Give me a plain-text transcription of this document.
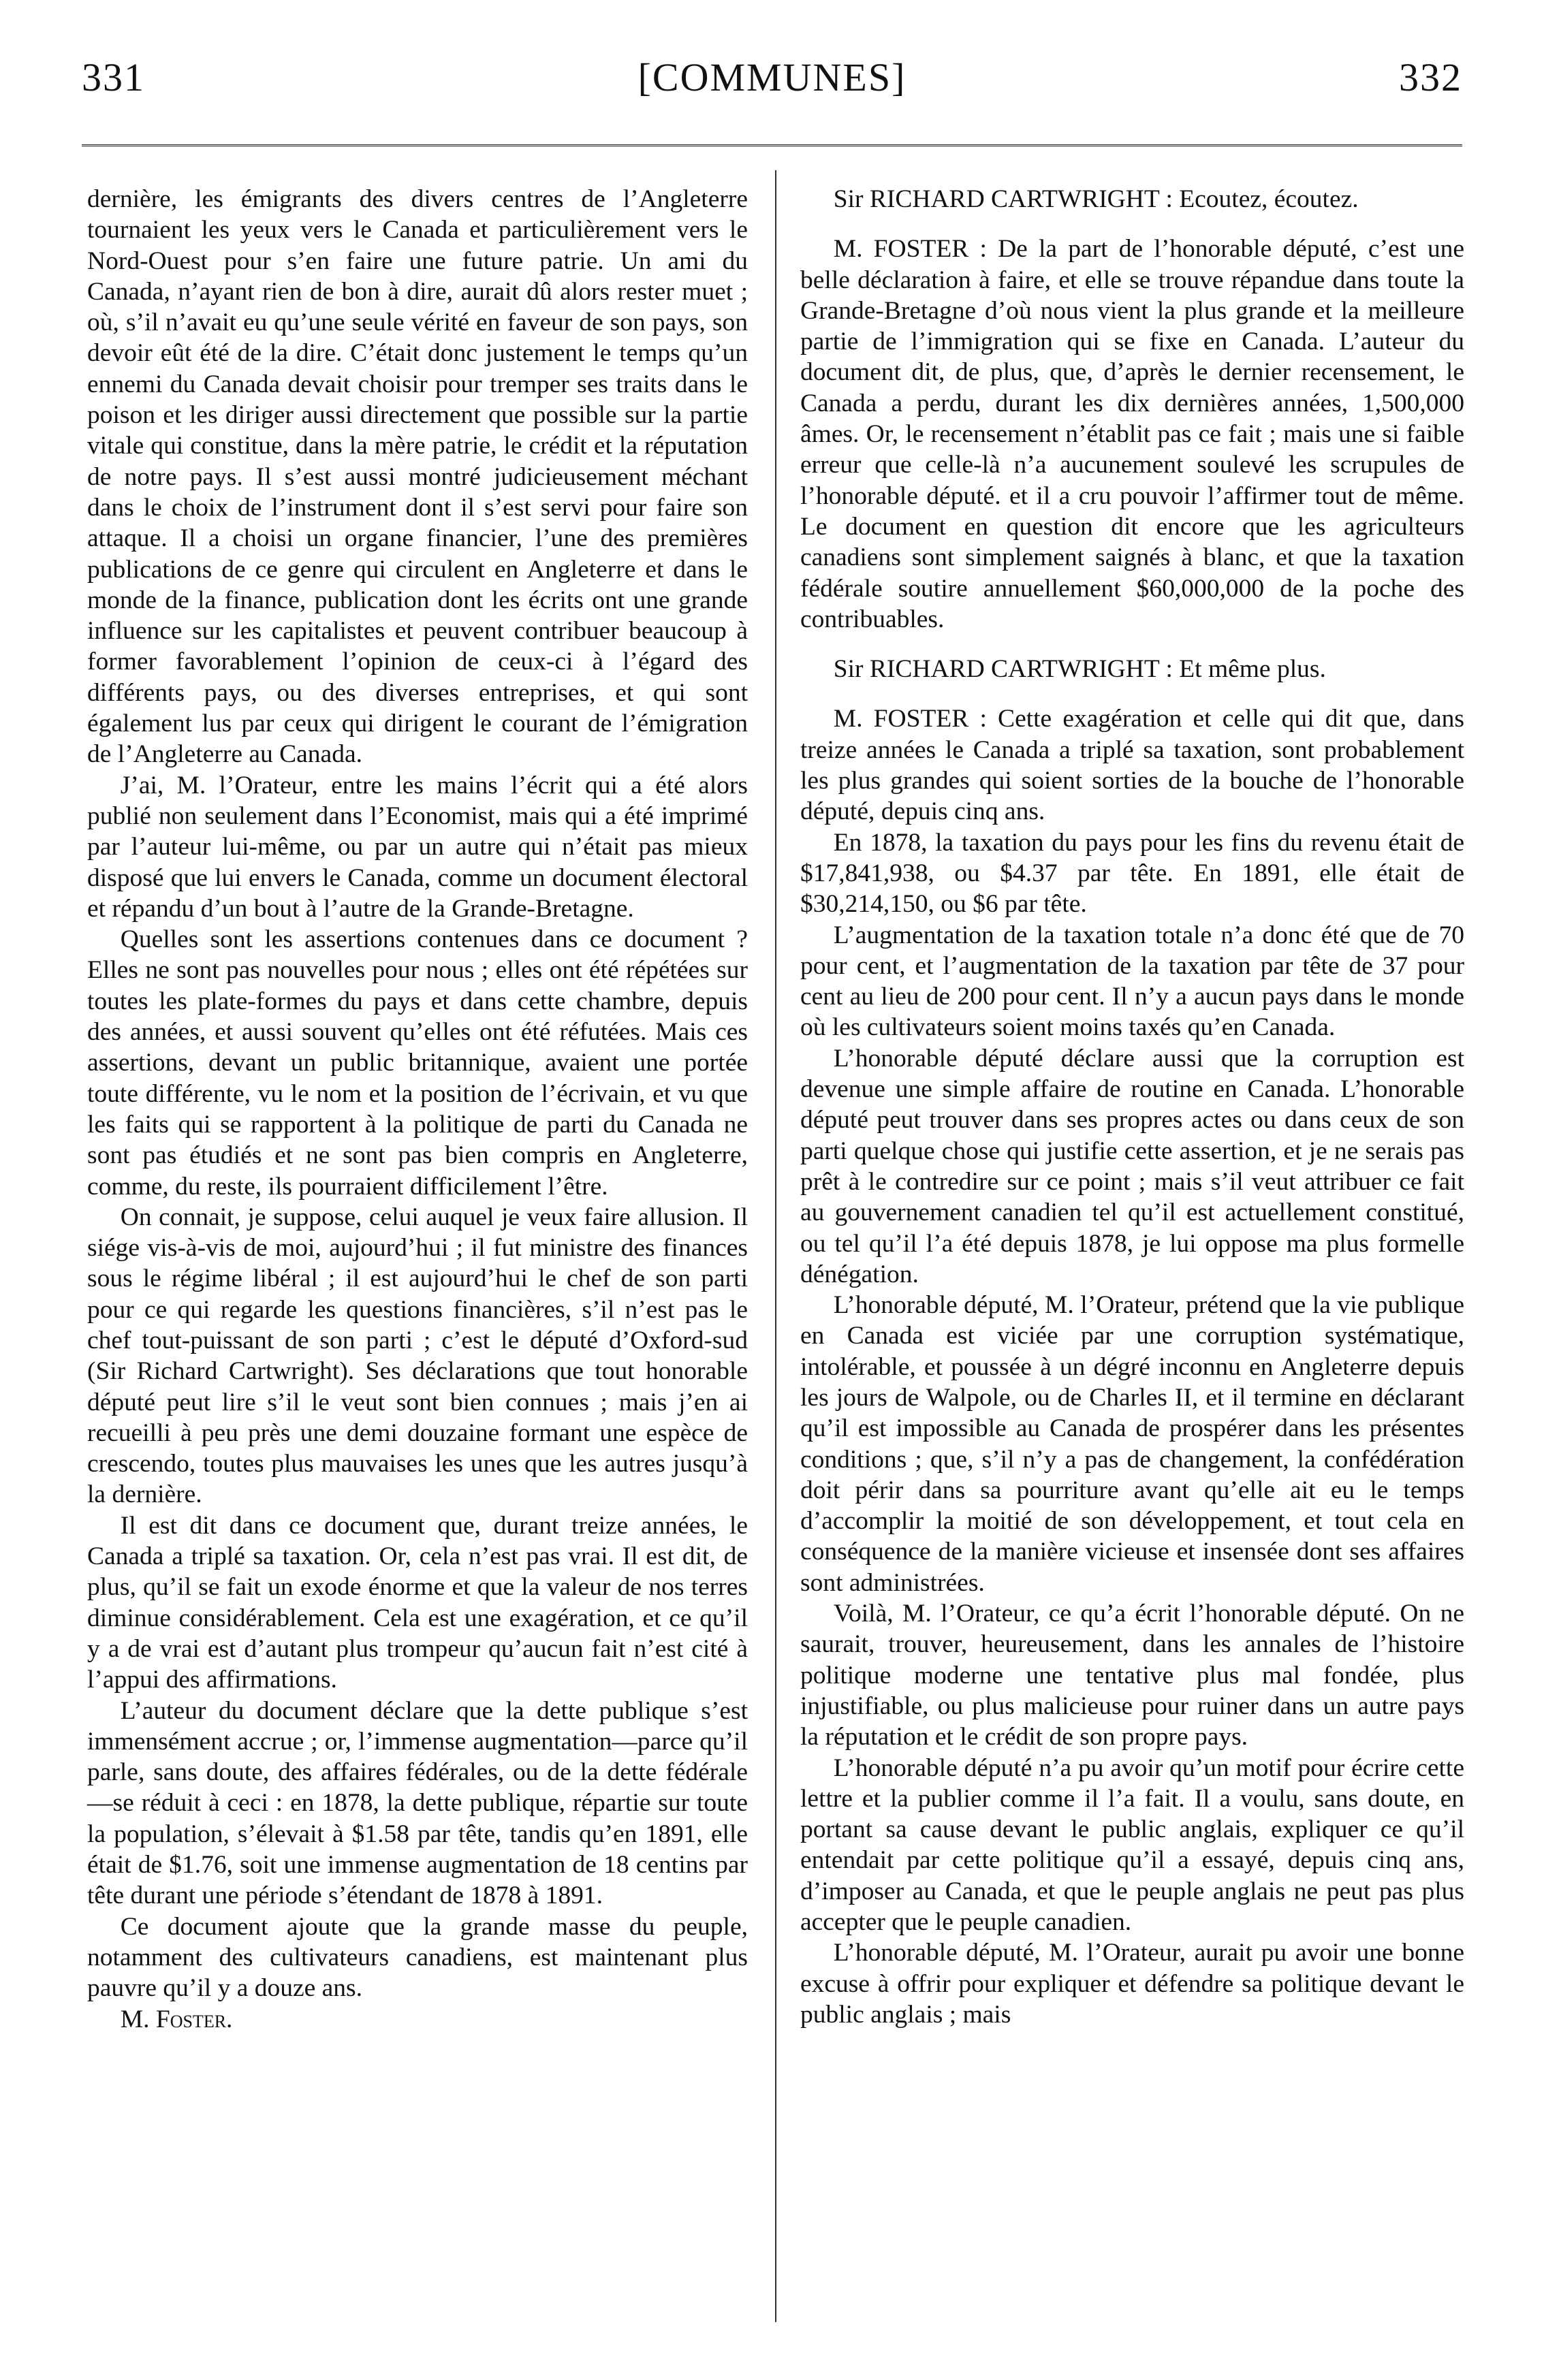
331	[COMMUNES]	332

dernière, les émigrants des divers centres de l’Angleterre tournaient les yeux vers le Canada et particulièrement vers le Nord-Ouest pour s’en faire une future patrie. Un ami du Canada, n’ayant rien de bon à dire, aurait dû alors rester muet ; où, s’il n’avait eu qu’une seule vérité en faveur de son pays, son devoir eût été de la dire. C’était donc justement le temps qu’un ennemi du Canada devait choisir pour tremper ses traits dans le poison et les diriger aussi directement que possible sur la partie vitale qui constitue, dans la mère patrie, le crédit et la réputation de notre pays. Il s’est aussi montré judicieusement méchant dans le choix de l’instrument dont il s’est servi pour faire son attaque. Il a choisi un organe financier, l’une des premières publications de ce genre qui circulent en Angleterre et dans le monde de la finance, publication dont les écrits ont une grande influence sur les capitalistes et peuvent contribuer beaucoup à former favorablement l’opinion de ceux-ci à l’égard des différents pays, ou des diverses entreprises, et qui sont également lus par ceux qui dirigent le courant de l’émigration de l’Angleterre au Canada.

J’ai, M. l’Orateur, entre les mains l’écrit qui a été alors publié non seulement dans l’Economist, mais qui a été imprimé par l’auteur lui-même, ou par un autre qui n’était pas mieux disposé que lui envers le Canada, comme un document électoral et répandu d’un bout à l’autre de la Grande-Bretagne.

Quelles sont les assertions contenues dans ce document ? Elles ne sont pas nouvelles pour nous ; elles ont été répétées sur toutes les plate-formes du pays et dans cette chambre, depuis des années, et aussi souvent qu’elles ont été réfutées. Mais ces assertions, devant un public britannique, avaient une portée toute différente, vu le nom et la position de l’écrivain, et vu que les faits qui se rapportent à la politique de parti du Canada ne sont pas étudiés et ne sont pas bien compris en Angleterre, comme, du reste, ils pourraient difficilement l’être.

On connait, je suppose, celui auquel je veux faire allusion. Il siége vis-à-vis de moi, aujourd’hui ; il fut ministre des finances sous le régime libéral ; il est aujourd’hui le chef de son parti pour ce qui regarde les questions financières, s’il n’est pas le chef tout-puissant de son parti ; c’est le député d’Oxford-sud (Sir Richard Cartwright). Ses déclarations que tout honorable député peut lire s’il le veut sont bien connues ; mais j’en ai recueilli à peu près une demi douzaine formant une espèce de crescendo, toutes plus mauvaises les unes que les autres jusqu’à la dernière.

Il est dit dans ce document que, durant treize années, le Canada a triplé sa taxation. Or, cela n’est pas vrai. Il est dit, de plus, qu’il se fait un exode énorme et que la valeur de nos terres diminue considérablement. Cela est une exagération, et ce qu’il y a de vrai est d’autant plus trompeur qu’aucun fait n’est cité à l’appui des affirmations.

L’auteur du document déclare que la dette publique s’est immensément accrue ; or, l’immense augmentation—parce qu’il parle, sans doute, des affaires fédérales, ou de la dette fédérale—se réduit à ceci : en 1878, la dette publique, répartie sur toute la population, s’élevait à $1.58 par tête, tandis qu’en 1891, elle était de $1.76, soit une immense augmentation de 18 centins par tête durant une période s’étendant de 1878 à 1891.

Ce document ajoute que la grande masse du peuple, notamment des cultivateurs canadiens, est maintenant plus pauvre qu’il y a douze ans.

M. Foster.

Sir RICHARD CARTWRIGHT : Ecoutez, écoutez.

M. FOSTER : De la part de l’honorable député, c’est une belle déclaration à faire, et elle se trouve répandue dans toute la Grande-Bretagne d’où nous vient la plus grande et la meilleure partie de l’immigration qui se fixe en Canada. L’auteur du document dit, de plus, que, d’après le dernier recensement, le Canada a perdu, durant les dix dernières années, 1,500,000 âmes. Or, le recensement n’établit pas ce fait ; mais une si faible erreur que celle-là n’a aucunement soulevé les scrupules de l’honorable député. et il a cru pouvoir l’affirmer tout de même. Le document en question dit encore que les agriculteurs canadiens sont simplement saignés à blanc, et que la taxation fédérale soutire annuellement $60,000,000 de la poche des contribuables.

Sir RICHARD CARTWRIGHT : Et même plus.

M. FOSTER : Cette exagération et celle qui dit que, dans treize années le Canada a triplé sa taxation, sont probablement les plus grandes qui soient sorties de la bouche de l’honorable député, depuis cinq ans.

En 1878, la taxation du pays pour les fins du revenu était de $17,841,938, ou $4.37 par tête. En 1891, elle était de $30,214,150, ou $6 par tête.

L’augmentation de la taxation totale n’a donc été que de 70 pour cent, et l’augmentation de la taxation par tête de 37 pour cent au lieu de 200 pour cent. Il n’y a aucun pays dans le monde où les cultivateurs soient moins taxés qu’en Canada.

L’honorable député déclare aussi que la corruption est devenue une simple affaire de routine en Canada. L’honorable député peut trouver dans ses propres actes ou dans ceux de son parti quelque chose qui justifie cette assertion, et je ne serais pas prêt à le contredire sur ce point ; mais s’il veut attribuer ce fait au gouvernement canadien tel qu’il est actuellement constitué, ou tel qu’il l’a été depuis 1878, je lui oppose ma plus formelle dénégation.

L’honorable député, M. l’Orateur, prétend que la vie publique en Canada est viciée par une corruption systématique, intolérable, et poussée à un dégré inconnu en Angleterre depuis les jours de Walpole, ou de Charles II, et il termine en déclarant qu’il est impossible au Canada de prospérer dans les présentes conditions ; que, s’il n’y a pas de changement, la confédération doit périr dans sa pourriture avant qu’elle ait eu le temps d’accomplir la moitié de son développement, et tout cela en conséquence de la manière vicieuse et insensée dont ses affaires sont administrées.

Voilà, M. l’Orateur, ce qu’a écrit l’honorable député. On ne saurait, trouver, heureusement, dans les annales de l’histoire politique moderne une tentative plus mal fondée, plus injustifiable, ou plus malicieuse pour ruiner dans un autre pays la réputation et le crédit de son propre pays.

L’honorable député n’a pu avoir qu’un motif pour écrire cette lettre et la publier comme il l’a fait. Il a voulu, sans doute, en portant sa cause devant le public anglais, expliquer ce qu’il entendait par cette politique qu’il a essayé, depuis cinq ans, d’imposer au Canada, et que le peuple anglais ne peut pas plus accepter que le peuple canadien.

L’honorable député, M. l’Orateur, aurait pu avoir une bonne excuse à offrir pour expliquer et défendre sa politique devant le public anglais ; mais
